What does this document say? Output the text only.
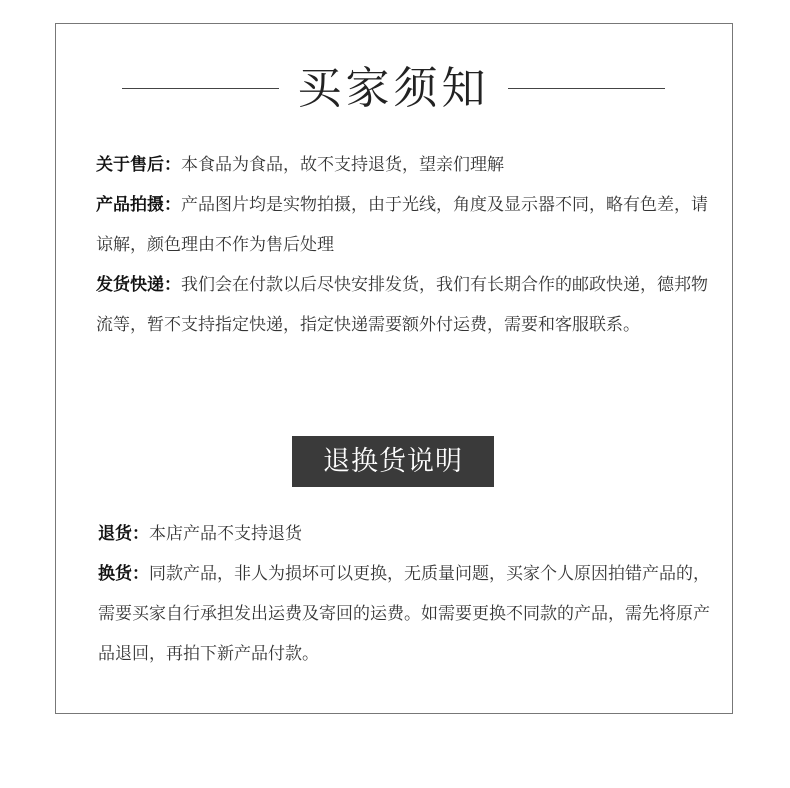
买家须知

关于售后：本食品为食品，故不支持退货，望亲们理解

产品拍摄：产品图片均是实物拍摄，由于光线，角度及显示器不同，略有色差，请谅解，颜色理由不作为售后处理

发货快递：我们会在付款以后尽快安排发货，我们有长期合作的邮政快递，德邦物流等，暂不支持指定快递，指定快递需要额外付运费，需要和客服联系。

退换货说明

退货：本店产品不支持退货

换货：同款产品，非人为损坏可以更换，无质量问题，买家个人原因拍错产品的，需要买家自行承担发出运费及寄回的运费。如需要更换不同款的产品，需先将原产品退回，再拍下新产品付款。
